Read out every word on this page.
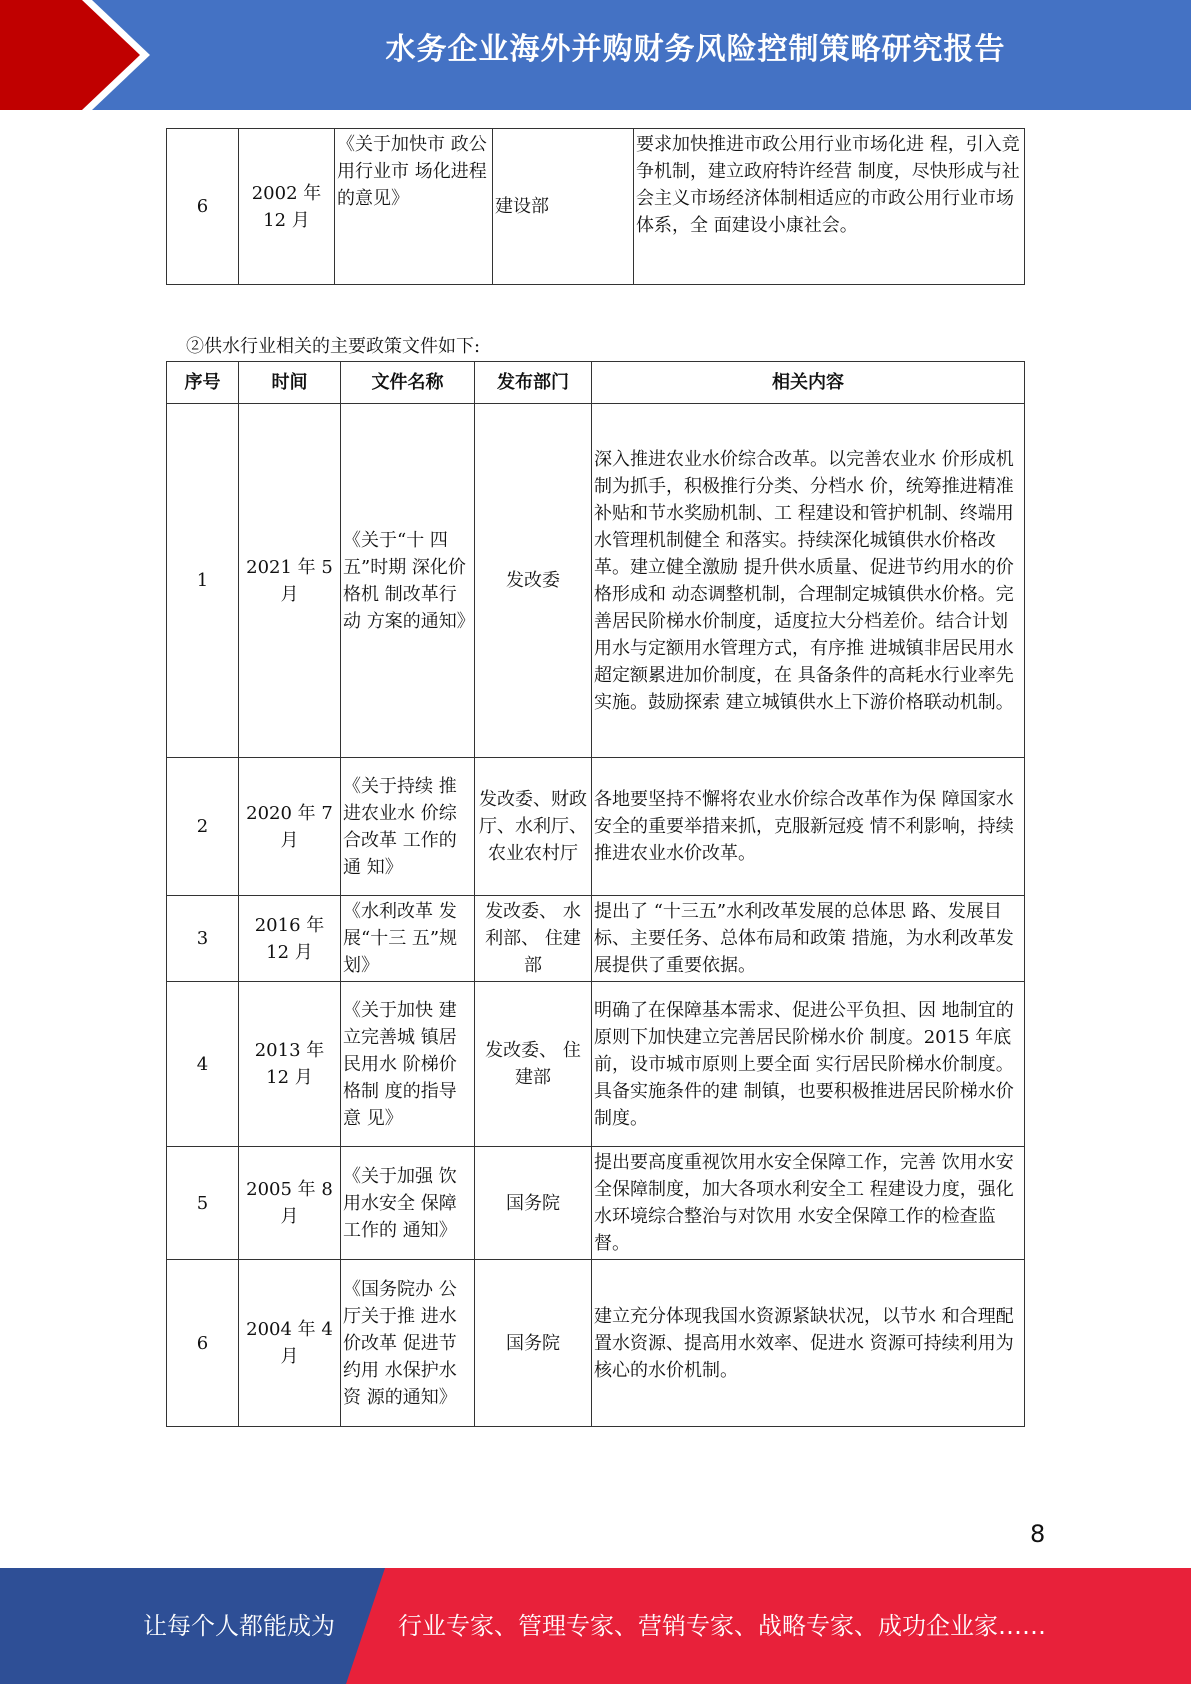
水务企业海外并购财务风险控制策略研究报告
6	2002 年 12 月	《关于加快市 政公用行业市 场化进程的意见》	建设部	要求加快推进市政公用行业市场化进 程，引入竞争机制，建立政府特许经营 制度，尽快形成与社会主义市场经济体制相适应的市政公用行业市场体系，全 面建设小康社会。
②供水行业相关的主要政策文件如下:
序号	时间	文件名称	发布部门	相关内容
1	2021 年 5 月	《关于“十 四五”时期 深化价格机 制改革行动 方案的通知》	发改委	深入推进农业水价综合改革。以完善农业水 价形成机制为抓手，积极推行分类、分档水 价，统筹推进精准补贴和节水奖励机制、工 程建设和管护机制、终端用水管理机制健全 和落实。持续深化城镇供水价格改革。建立健全激励 提升供水质量、促进节约用水的价格形成和 动态调整机制，合理制定城镇供水价格。完 善居民阶梯水价制度，适度拉大分档差价。结合计划用水与定额用水管理方式，有序推 进城镇非居民用水超定额累进加价制度，在 具备条件的高耗水行业率先实施。鼓励探索 建立城镇供水上下游价格联动机制。
2	2020 年 7 月	《关于持续 推进农业水 价综合改革 工作的通 知》	发改委、财政厅、水利厅、农业农村厅	各地要坚持不懈将农业水价综合改革作为保 障国家水安全的重要举措来抓，克服新冠疫 情不利影响，持续推进农业水价改革。
3	2016 年 12 月	《水利改革 发展“十三 五”规划》	发改委、 水利部、 住建部	提出了 “十三五”水利改革发展的总体思 路、发展目标、主要任务、总体布局和政策 措施，为水利改革发展提供了重要依据。
4	2013 年 12 月	《关于加快 建立完善城 镇居民用水 阶梯价格制 度的指导意 见》	发改委、 住建部	明确了在保障基本需求、促进公平负担、因 地制宜的原则下加快建立完善居民阶梯水价 制度。2015 年底前，设市城市原则上要全面 实行居民阶梯水价制度。具备实施条件的建 制镇，也要积极推进居民阶梯水价制度。
5	2005 年 8 月	《关于加强 饮用水安全 保障工作的 通知》	国务院	提出要高度重视饮用水安全保障工作，完善 饮用水安全保障制度，加大各项水利安全工 程建设力度，强化水环境综合整治与对饮用 水安全保障工作的检查监督。
6	2004 年 4 月	《国务院办 公厅关于推 进水价改革 促进节约用 水保护水资 源的通知》	国务院	建立充分体现我国水资源紧缺状况，以节水 和合理配置水资源、提高用水效率、促进水 资源可持续利用为核心的水价机制。
8
让每个人都能成为	行业专家、管理专家、营销专家、战略专家、成功企业家……
